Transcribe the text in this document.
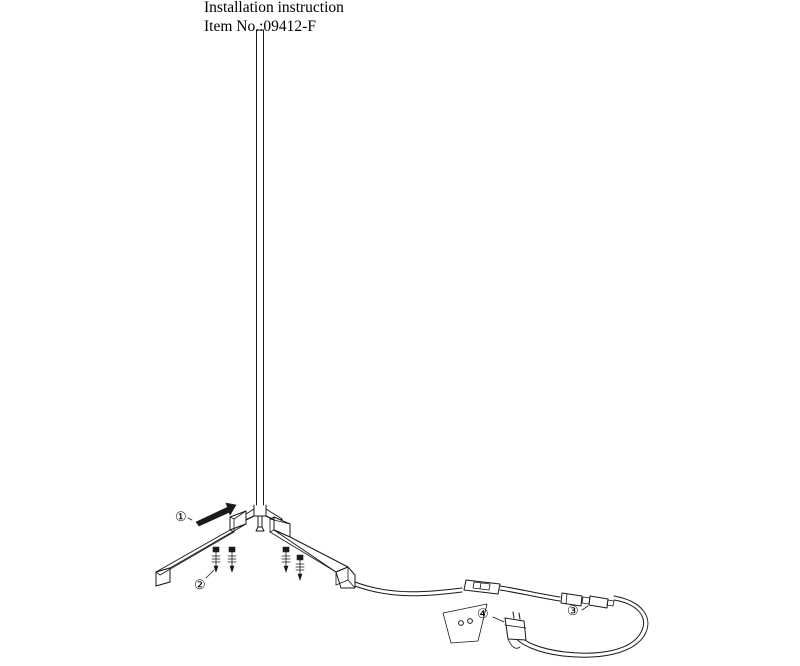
Installation instruction
Item No.:09412-F
①
②
③
④
